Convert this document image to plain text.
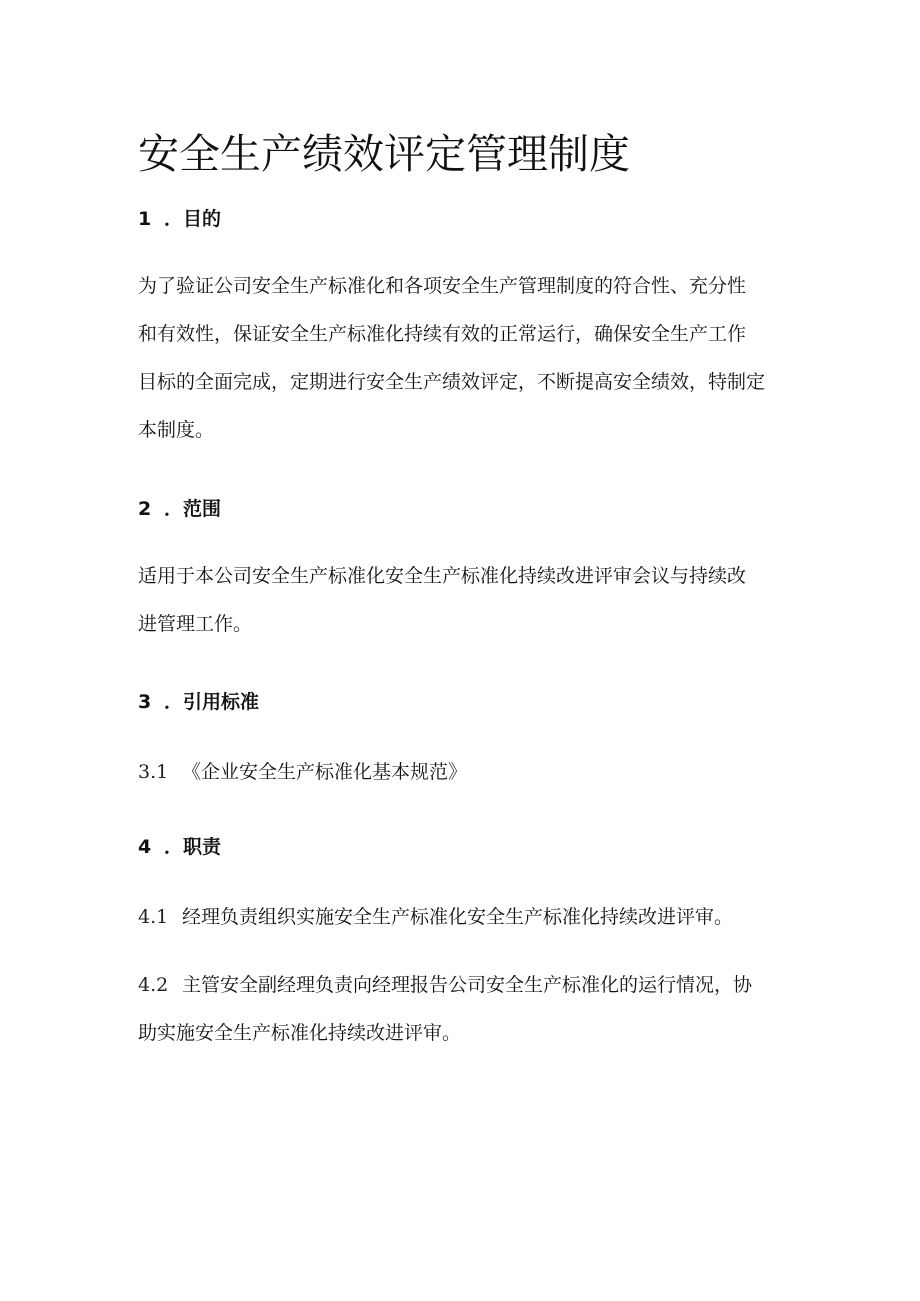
安全生产绩效评定管理制度
1 ．目的
为了验证公司安全生产标准化和各项安全生产管理制度的符合性、充分性
和有效性，保证安全生产标准化持续有效的正常运行，确保安全生产工作
目标的全面完成，定期进行安全生产绩效评定，不断提高安全绩效，特制定
本制度。
2 ．范围
适用于本公司安全生产标准化安全生产标准化持续改进评审会议与持续改
进管理工作。
3 ．引用标准
3.1 《企业安全生产标准化基本规范》
4 ．职责
4.1 经理负责组织实施安全生产标准化安全生产标准化持续改进评审。
4.2 主管安全副经理负责向经理报告公司安全生产标准化的运行情况，协
助实施安全生产标准化持续改进评审。
